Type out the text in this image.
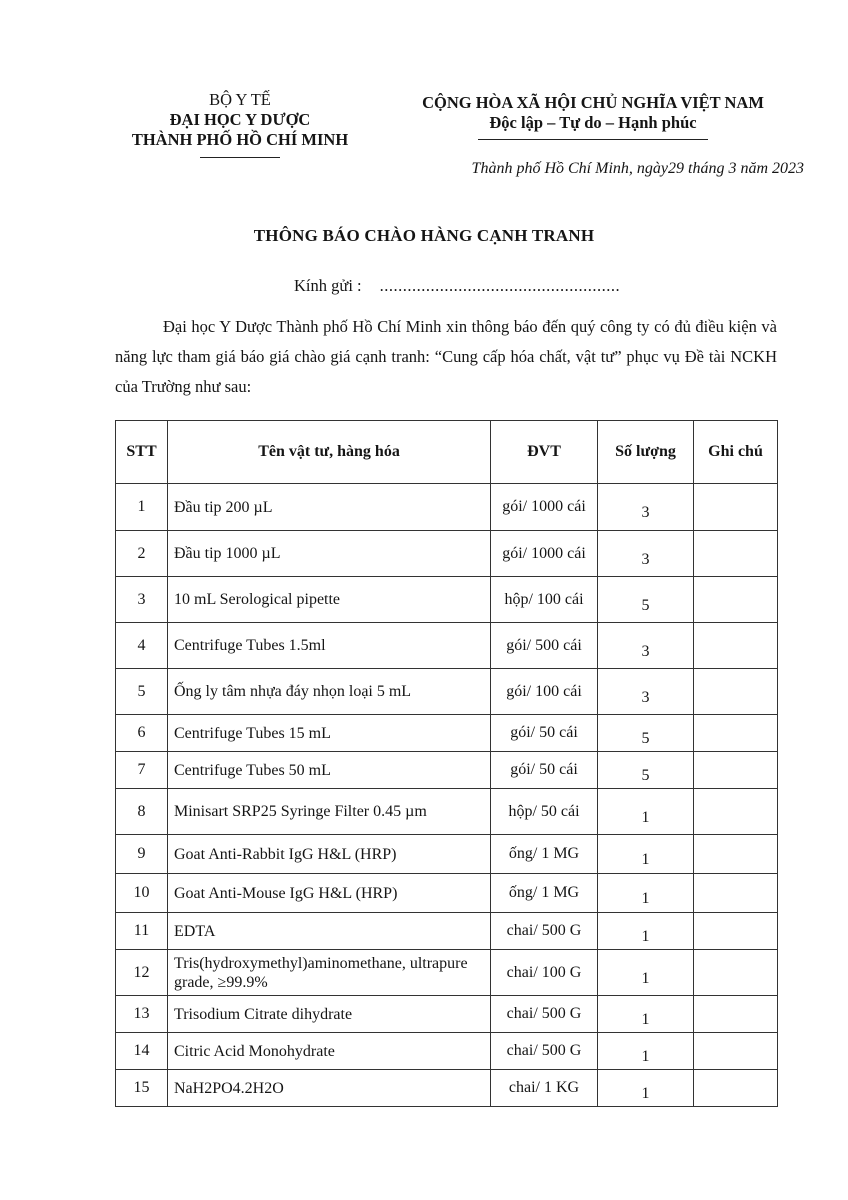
BỘ Y TẾ
ĐẠI HỌC Y DƯỢC
THÀNH PHỐ HỒ CHÍ MINH
CỘNG HÒA XÃ HỘI CHỦ NGHĨA VIỆT NAM
Độc lập – Tự do – Hạnh phúc
Thành phố Hồ Chí Minh, ngày29 tháng 3 năm 2023
THÔNG BÁO CHÀO HÀNG CẠNH TRANH
Kính gửi : ....................................................
Đại học Y Dược Thành phố Hồ Chí Minh xin thông báo đến quý công ty có đủ điều kiện và năng lực tham giá báo giá chào giá cạnh tranh: “Cung cấp hóa chất, vật tư” phục vụ Đề tài NCKH của Trường như sau:
STT	Tên vật tư, hàng hóa	ĐVT	Số lượng	Ghi chú
1	Đầu tip 200 µL	gói/ 1000 cái	3	
2	Đầu tip 1000 µL	gói/ 1000 cái	3	
3	10 mL Serological pipette	hộp/ 100 cái	5	
4	Centrifuge Tubes 1.5ml	gói/ 500 cái	3	
5	Ống ly tâm nhựa đáy nhọn loại 5 mL	gói/ 100 cái	3	
6	Centrifuge Tubes 15 mL	gói/ 50 cái	5	
7	Centrifuge Tubes 50 mL	gói/ 50 cái	5	
8	Minisart SRP25 Syringe Filter 0.45 µm	hộp/ 50 cái	1	
9	Goat Anti-Rabbit IgG H&L (HRP)	ống/ 1 MG	1	
10	Goat Anti-Mouse IgG H&L (HRP)	ống/ 1 MG	1	
11	EDTA	chai/ 500 G	1	
12	Tris(hydroxymethyl)aminomethane, ultrapure grade, ≥99.9%	chai/ 100 G	1	
13	Trisodium Citrate dihydrate	chai/ 500 G	1	
14	Citric Acid Monohydrate	chai/ 500 G	1	
15	NaH2PO4.2H2O	chai/ 1 KG	1	
